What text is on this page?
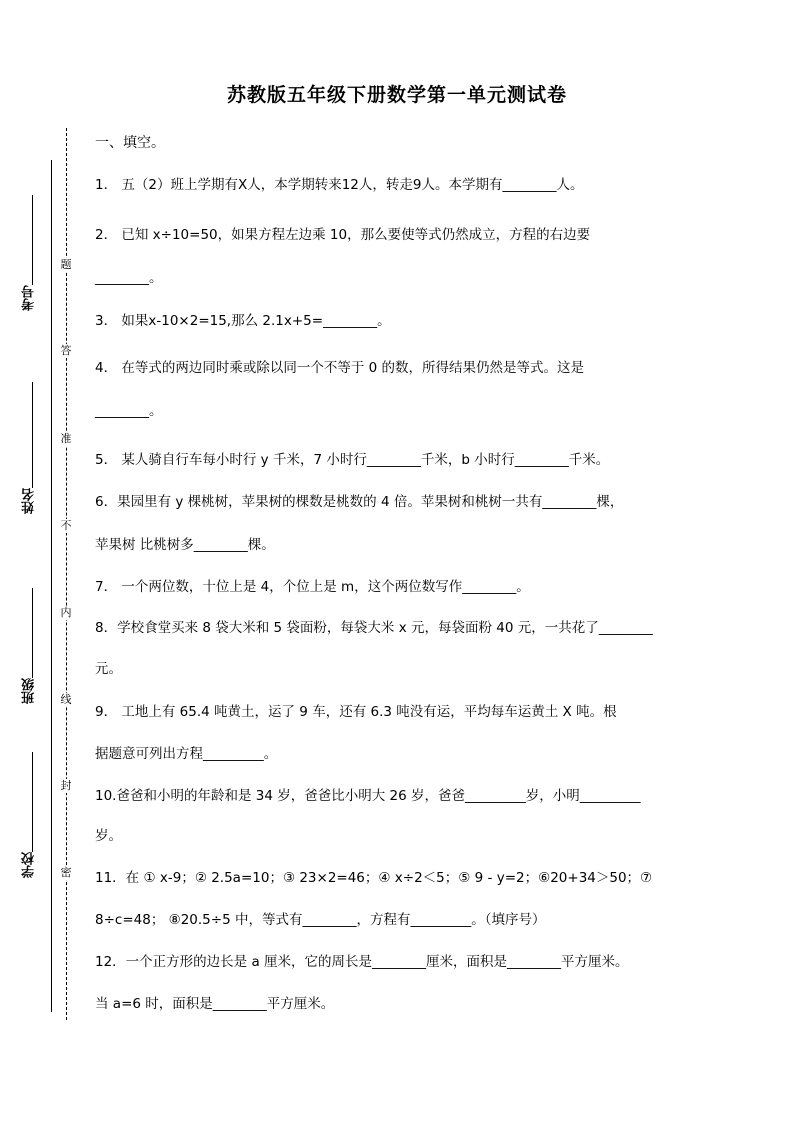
苏教版五年级下册数学第一单元测试卷
考号
姓名
班级
学校
题
答
准
不
内
线
封
密
一、填空。
1． 五（2）班上学期有X人，本学期转来12人，转走9人。本学期有________人。
2． 已知 x÷10=50，如果方程左边乘 10，那么要使等式仍然成立，方程的右边要
________。
3． 如果x-10×2=15,那么 2.1x+5=________。
4． 在等式的两边同时乘或除以同一个不等于 0 的数，所得结果仍然是等式。这是
________。
5． 某人骑自行车每小时行 y 千米，7 小时行________千米，b 小时行________千米。
6．果园里有 y 棵桃树，苹果树的棵数是桃数的 4 倍。苹果树和桃树一共有________棵，
苹果树 比桃树多________棵。
7． 一个两位数，十位上是 4，个位上是 m，这个两位数写作________。
8．学校食堂买来 8 袋大米和 5 袋面粉，每袋大米 x 元，每袋面粉 40 元，一共花了________
元。
9． 工地上有 65.4 吨黄土，运了 9 车，还有 6.3 吨没有运，平均每车运黄土 X 吨。根
据题意可列出方程_________。
10.爸爸和小明的年龄和是 34 岁，爸爸比小明大 26 岁，爸爸_________岁，小明_________
岁。
11．在 ① x-9；② 2.5a=10；③ 23×2=46；④ x÷2＜5；⑤ 9 - y=2；⑥20+34＞50；⑦
8÷c=48； ⑧20.5÷5 中，等式有________，方程有_________。（填序号）
12．一个正方形的边长是 a 厘米，它的周长是________厘米，面积是________平方厘米。
当 a=6 时，面积是________平方厘米。
